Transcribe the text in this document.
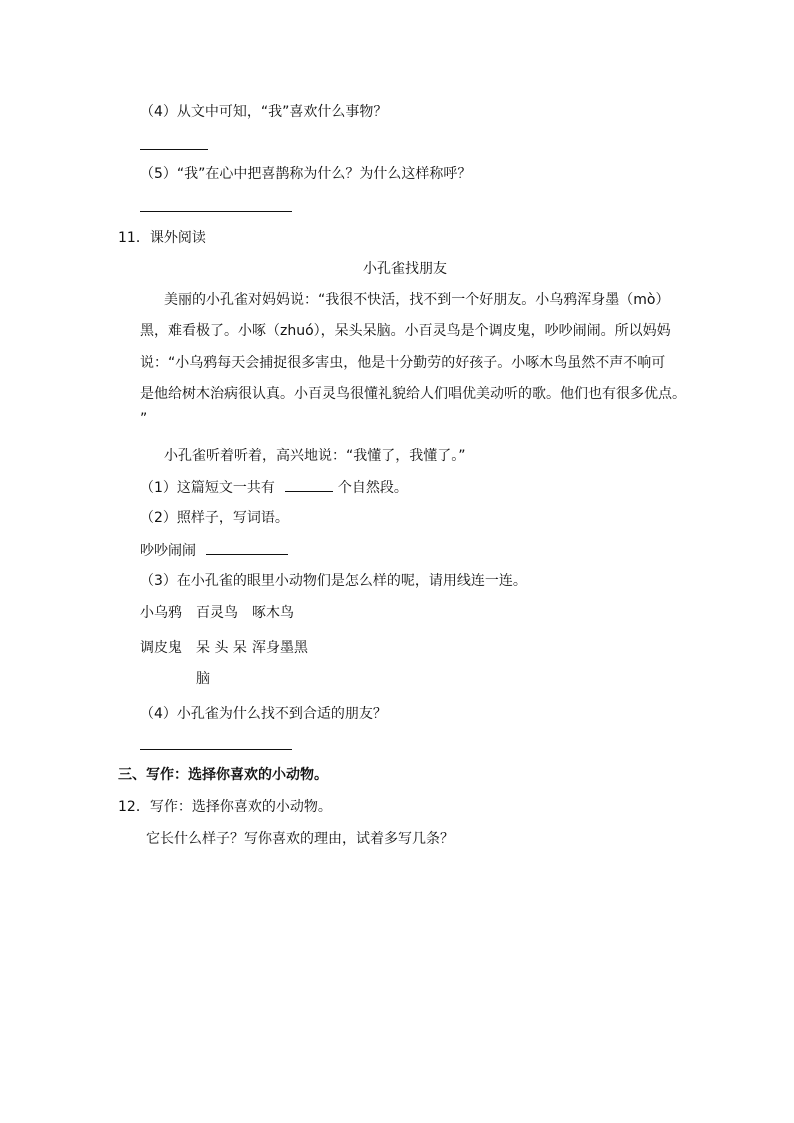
（4）从文中可知，“我”喜欢什么事物？
（5）“我”在心中把喜鹊称为什么？为什么这样称呼？
11．课外阅读
小孔雀找朋友
美丽的小孔雀对妈妈说：“我很不快活，找不到一个好朋友。小乌鸦浑身墨（mò）
黑，难看极了。小啄（zhuó），呆头呆脑。小百灵鸟是个调皮鬼，吵吵闹闹。所以妈妈
说：“小乌鸦每天会捕捉很多害虫，他是十分勤劳的好孩子。小啄木鸟虽然不声不响可
是他给树木治病很认真。小百灵鸟很懂礼貌给人们唱优美动听的歌。他们也有很多优点。
”
小孔雀听着听着，高兴地说：“我懂了，我懂了。”
（1）这篇短文一共有	个自然段。
（2）照样子，写词语。
吵吵闹闹
（3）在小孔雀的眼里小动物们是怎么样的呢，请用线连一连。
小乌鸦 百灵鸟 啄木鸟
调皮鬼 呆 头 呆 浑身墨黑
脑
（4）小孔雀为什么找不到合适的朋友？
三、写作：选择你喜欢的小动物。
12．写作：选择你喜欢的小动物。
它长什么样子？写你喜欢的理由，试着多写几条？
